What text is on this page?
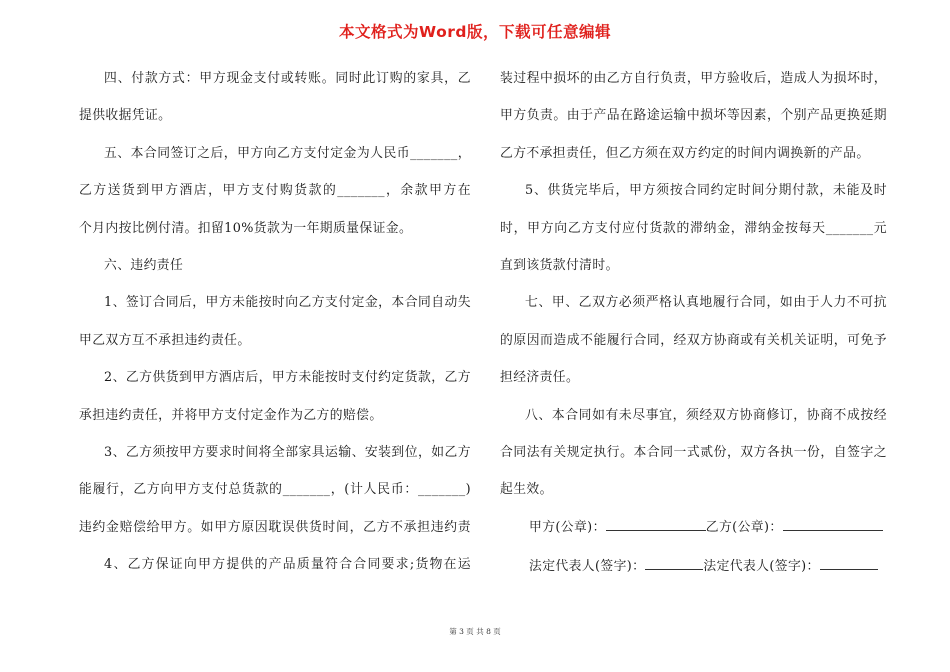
本文格式为Word版，下载可任意编辑
四、付款方式：甲方现金支付或转账。同时此订购的家具，乙
提供收据凭证。
五、本合同签订之后，甲方向乙方支付定金为人民币_______，
乙方送货到甲方酒店，甲方支付购货款的_______，余款甲方在
个月内按比例付清。扣留10%货款为一年期质量保证金。
六、违约责任
1、签订合同后，甲方未能按时向乙方支付定金，本合同自动失
甲乙双方互不承担违约责任。
2、乙方供货到甲方酒店后，甲方未能按时支付约定货款，乙方
承担违约责任，并将甲方支付定金作为乙方的赔偿。
3、乙方须按甲方要求时间将全部家具运输、安装到位，如乙方
能履行，乙方向甲方支付总货款的_______，(计人民币：_______)
违约金赔偿给甲方。如甲方原因耽误供货时间，乙方不承担违约责
4、乙方保证向甲方提供的产品质量符合合同要求;货物在运
装过程中损坏的由乙方自行负责，甲方验收后，造成人为损坏时，
甲方负责。由于产品在路途运输中损坏等因素，个别产品更换延期
乙方不承担责任，但乙方须在双方约定的时间内调换新的产品。
5、供货完毕后，甲方须按合同约定时间分期付款，未能及时
时，甲方向乙方支付应付货款的滞纳金，滞纳金按每天_______元
直到该货款付清时。
七、甲、乙双方必须严格认真地履行合同，如由于人力不可抗
的原因而造成不能履行合同，经双方协商或有关机关证明，可免予
担经济责任。
八、本合同如有未尽事宜，须经双方协商修订，协商不成按经
合同法有关规定执行。本合同一式贰份，双方各执一份，自签字之
起生效。
甲方(公章)：	乙方(公章)：
法定代表人(签字)：	法定代表人(签字)：
第 3 页 共 8 页
